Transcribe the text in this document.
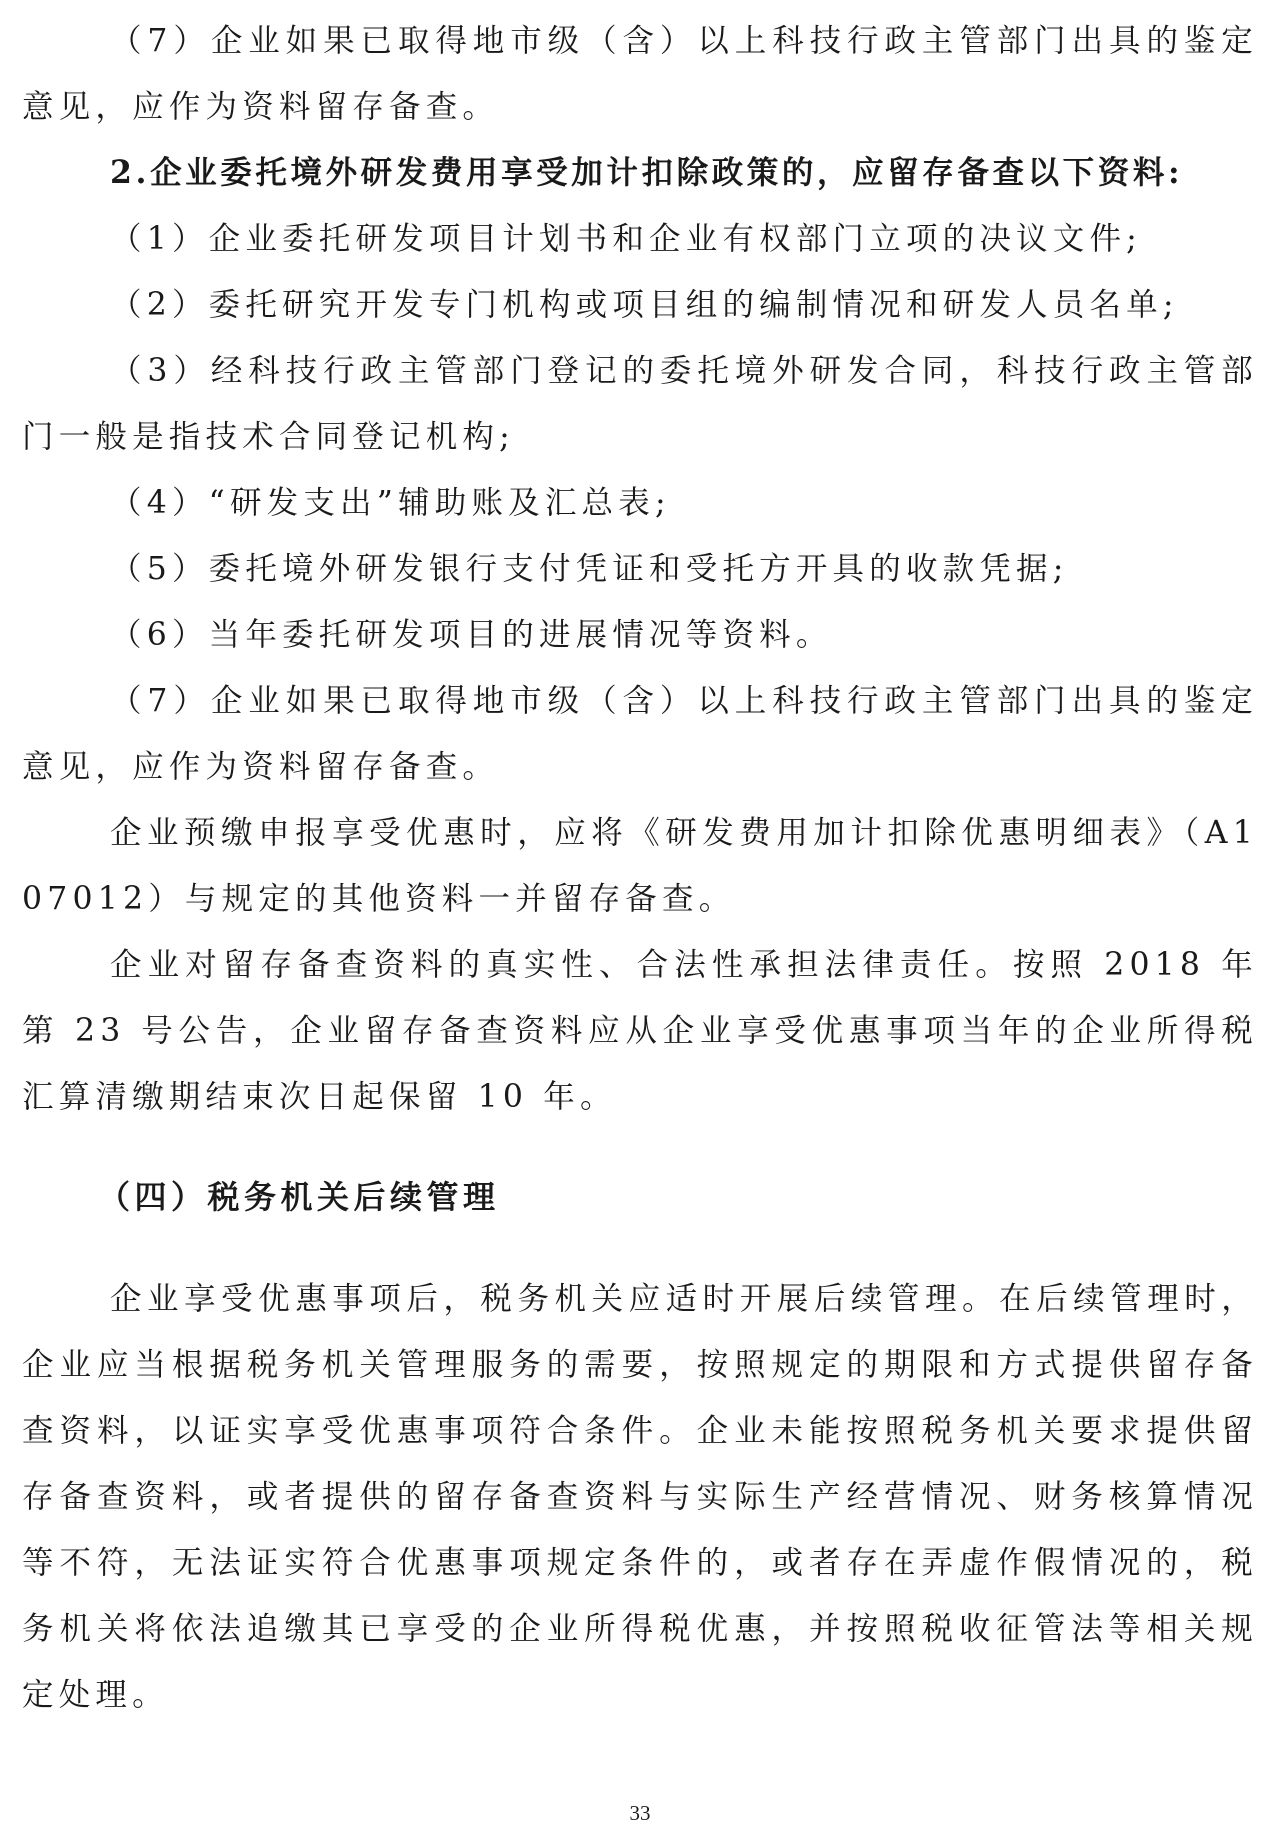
（7）企业如果已取得地市级（含）以上科技行政主管部门出具的鉴定意见，应作为资料留存备查。

2.企业委托境外研发费用享受加计扣除政策的，应留存备查以下资料:

（1）企业委托研发项目计划书和企业有权部门立项的决议文件;

（2）委托研究开发专门机构或项目组的编制情况和研发人员名单;

（3）经科技行政主管部门登记的委托境外研发合同，科技行政主管部门一般是指技术合同登记机构;

（4）“研发支出”辅助账及汇总表;

（5）委托境外研发银行支付凭证和受托方开具的收款凭据;

（6）当年委托研发项目的进展情况等资料。

（7）企业如果已取得地市级（含）以上科技行政主管部门出具的鉴定意见，应作为资料留存备查。

企业预缴申报享受优惠时，应将《研发费用加计扣除优惠明细表》（A107012）与规定的其他资料一并留存备查。

企业对留存备查资料的真实性、合法性承担法律责任。按照 2018 年第 23 号公告，企业留存备查资料应从企业享受优惠事项当年的企业所得税汇算清缴期结束次日起保留 10 年。

（四）税务机关后续管理

企业享受优惠事项后，税务机关应适时开展后续管理。在后续管理时，企业应当根据税务机关管理服务的需要，按照规定的期限和方式提供留存备查资料，以证实享受优惠事项符合条件。企业未能按照税务机关要求提供留存备查资料，或者提供的留存备查资料与实际生产经营情况、财务核算情况等不符，无法证实符合优惠事项规定条件的，或者存在弄虚作假情况的，税务机关将依法追缴其已享受的企业所得税优惠，并按照税收征管法等相关规定处理。

33
